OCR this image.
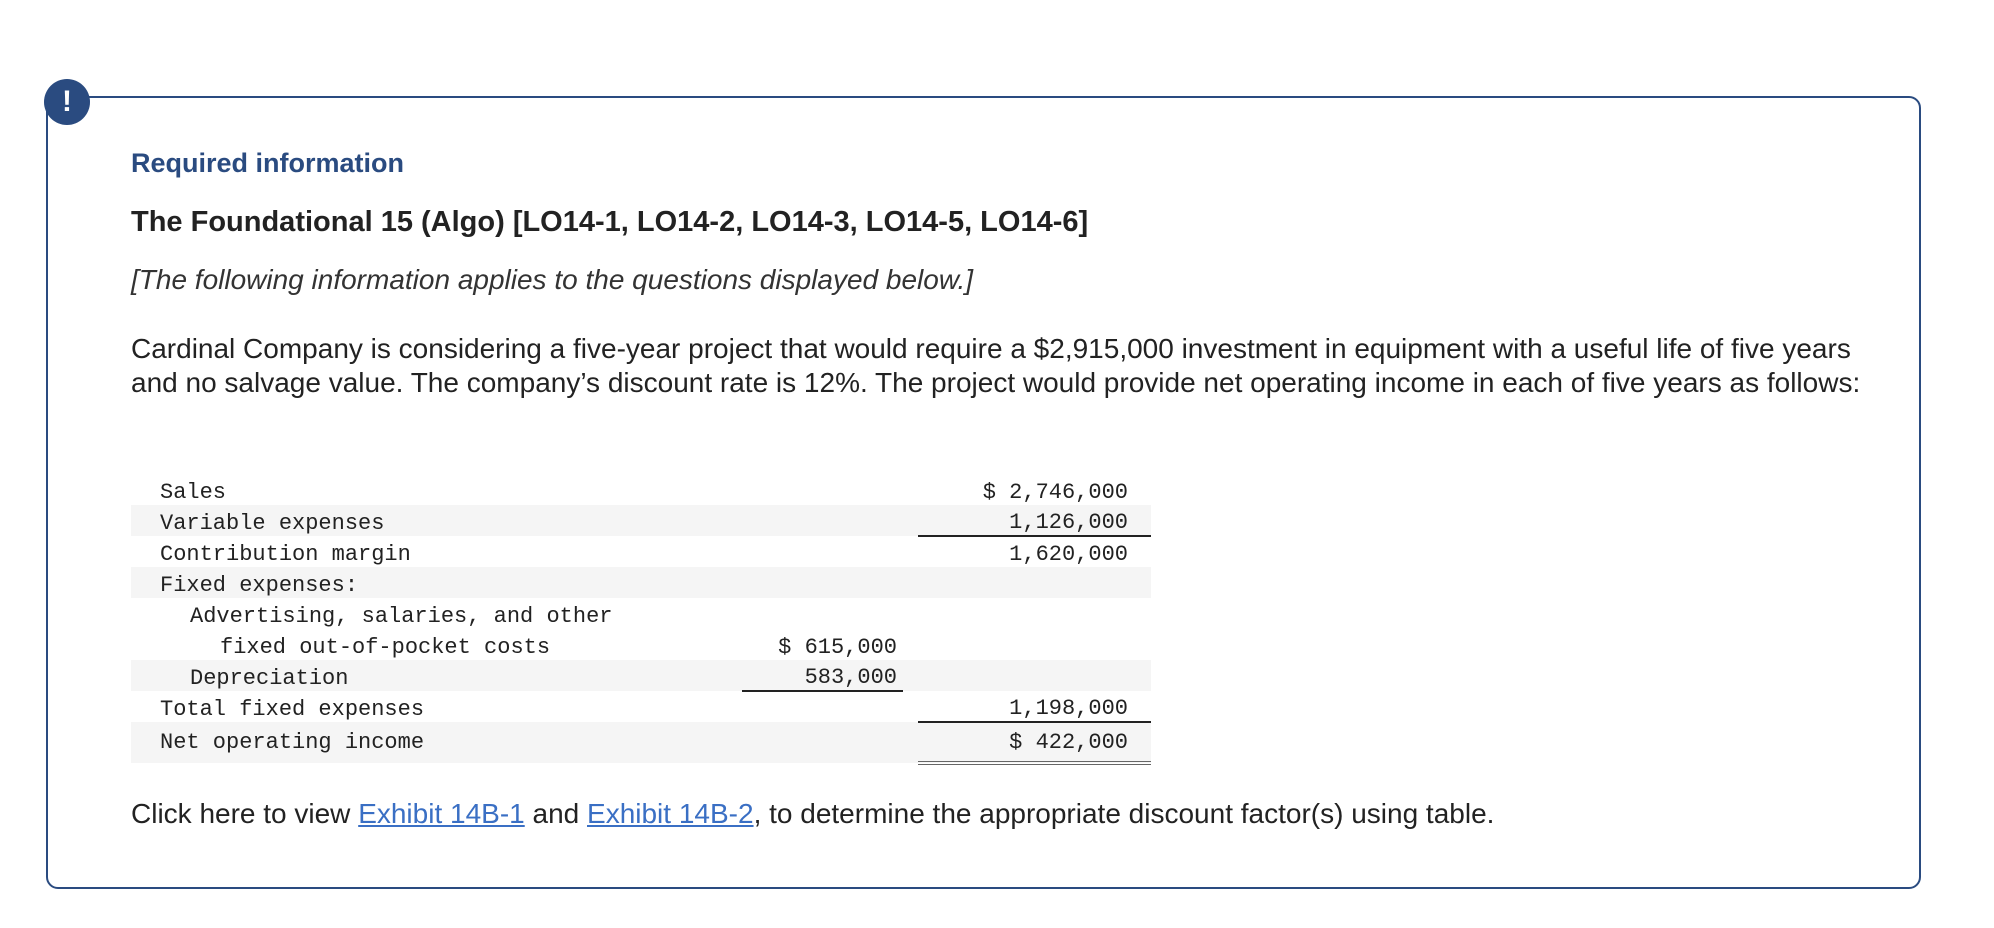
!
Required information
The Foundational 15 (Algo) [LO14-1, LO14-2, LO14-3, LO14-5, LO14-6]
[The following information applies to the questions displayed below.]
Cardinal Company is considering a five-year project that would require a $2,915,000 investment in equipment with a useful life of five years and no salvage value. The company’s discount rate is 12%. The project would provide net operating income in each of five years as follows:
Sales			$ 2,746,000
Variable expenses			1,126,000
Contribution margin			1,620,000
Fixed expenses:			
Advertising, salaries, and other			
fixed out-of-pocket costs	$ 615,000		
Depreciation	583,000		
Total fixed expenses			1,198,000
Net operating income			$ 422,000
Click here to view Exhibit 14B-1 and Exhibit 14B-2, to determine the appropriate discount factor(s) using table.
